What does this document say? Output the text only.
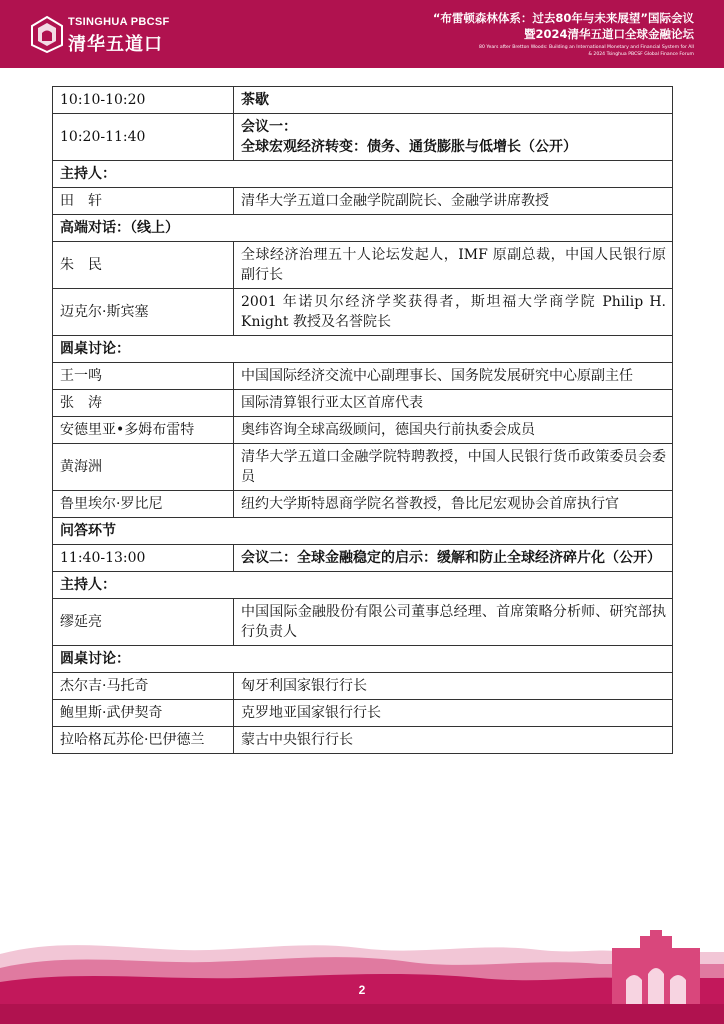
TSINGHUA PBCSF
清华五道口
“布雷顿森林体系：过去80年与未来展望”国际会议
暨2024清华五道口全球金融论坛
80 Years after Bretton Woods: Building an International Monetary and Financial System for All
& 2024 Tsinghua PBCSF Global Finance Forum
10:10-10:20	茶歇
10:20-11:40	会议一：
全球宏观经济转变：债务、通货膨胀与低增长（公开）

主持人：	
田　轩	清华大学五道口金融学院副院长、金融学讲席教授
高端对话：（线上）	
朱　民	全球经济治理五十人论坛发起人，IMF 原副总裁，中国人民银行原副行长
迈克尔·斯宾塞	2001 年诺贝尔经济学奖获得者，斯坦福大学商学院 Philip H. Knight 教授及名誉院长
圆桌讨论：	
王一鸣	中国国际经济交流中心副理事长、国务院发展研究中心原副主任
张　涛	国际清算银行亚太区首席代表
安德里亚•多姆布雷特	奥纬咨询全球高级顾问，德国央行前执委会成员
黄海洲	清华大学五道口金融学院特聘教授，中国人民银行货币政策委员会委员
鲁里埃尔·罗比尼	纽约大学斯特恩商学院名誉教授，鲁比尼宏观协会首席执行官
问答环节	
11:40-13:00	会议二：全球金融稳定的启示：缓解和防止全球经济碎片化（公开）
主持人：	
缪延亮	中国国际金融股份有限公司董事总经理、首席策略分析师、研究部执行负责人
圆桌讨论：	
杰尔吉·马托奇	匈牙利国家银行行长
鲍里斯·武伊契奇	克罗地亚国家银行行长
拉哈格瓦苏伦·巴伊德兰	蒙古中央银行行长
2
